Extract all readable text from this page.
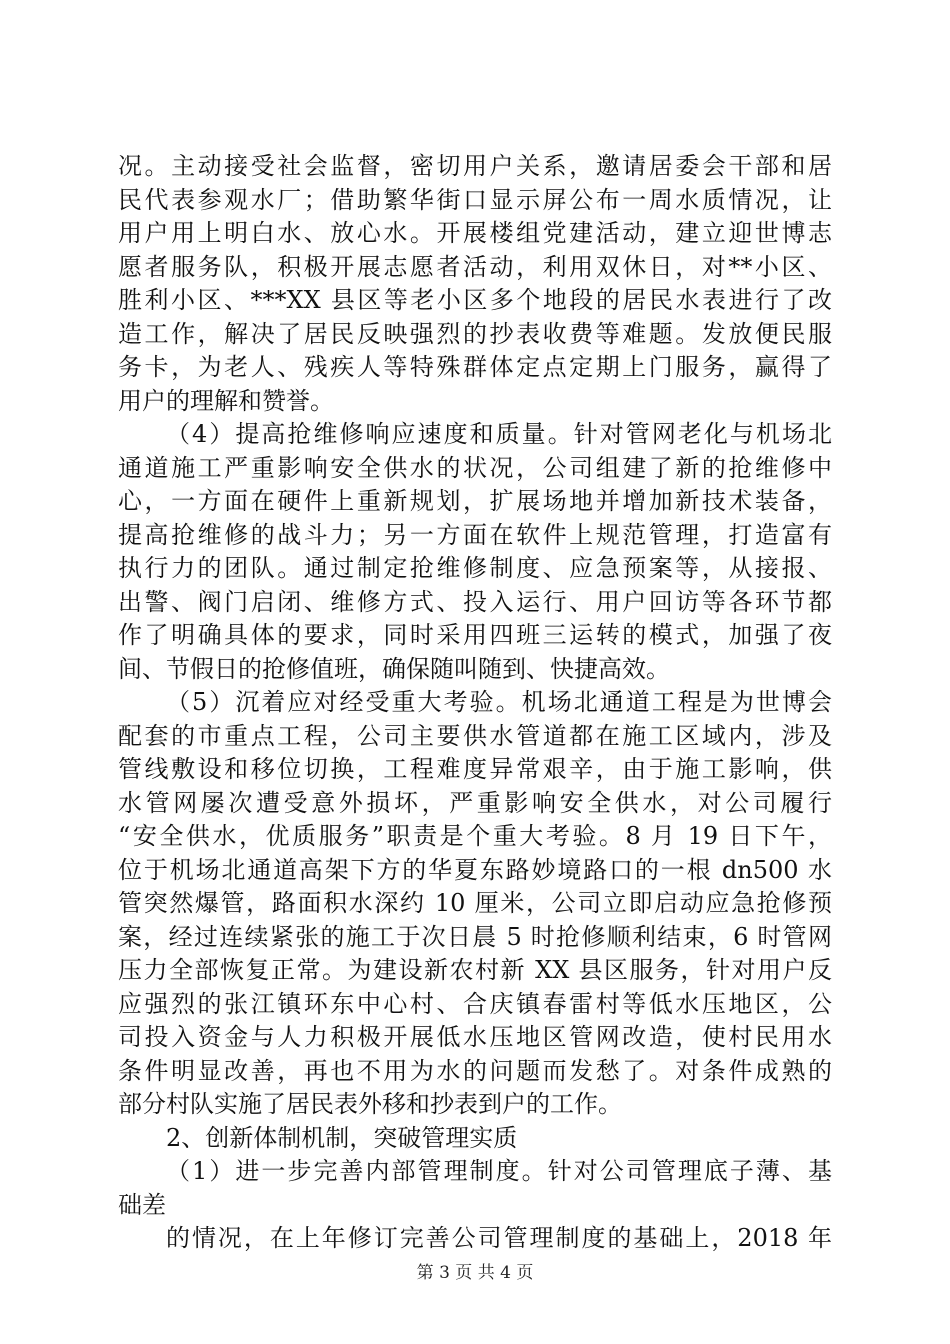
况。主动接受社会监督，密切用户关系，邀请居委会干部和居
民代表参观水厂；借助繁华街口显示屏公布一周水质情况，让
用户用上明白水、放心水。开展楼组党建活动，建立迎世博志
愿者服务队，积极开展志愿者活动，利用双休日，对**小区、
胜利小区、***XX 县区等老小区多个地段的居民水表进行了改
造工作，解决了居民反映强烈的抄表收费等难题。发放便民服
务卡，为老人、残疾人等特殊群体定点定期上门服务，赢得了
用户的理解和赞誉。
（4）提高抢维修响应速度和质量。针对管网老化与机场北
通道施工严重影响安全供水的状况，公司组建了新的抢维修中
心，一方面在硬件上重新规划，扩展场地并增加新技术装备，
提高抢维修的战斗力；另一方面在软件上规范管理，打造富有
执行力的团队。通过制定抢维修制度、应急预案等，从接报、
出警、阀门启闭、维修方式、投入运行、用户回访等各环节都
作了明确具体的要求，同时采用四班三运转的模式，加强了夜
间、节假日的抢修值班，确保随叫随到、快捷高效。
（5）沉着应对经受重大考验。机场北通道工程是为世博会
配套的市重点工程，公司主要供水管道都在施工区域内，涉及
管线敷设和移位切换，工程难度异常艰辛，由于施工影响，供
水管网屡次遭受意外损坏，严重影响安全供水，对公司履行
“安全供水，优质服务”职责是个重大考验。8 月 19 日下午，
位于机场北通道高架下方的华夏东路妙境路口的一根 dn500 水
管突然爆管，路面积水深约 10 厘米，公司立即启动应急抢修预
案，经过连续紧张的施工于次日晨 5 时抢修顺利结束，6 时管网
压力全部恢复正常。为建设新农村新 XX 县区服务，针对用户反
应强烈的张江镇环东中心村、合庆镇春雷村等低水压地区，公
司投入资金与人力积极开展低水压地区管网改造，使村民用水
条件明显改善，再也不用为水的问题而发愁了。对条件成熟的
部分村队实施了居民表外移和抄表到户的工作。
2、创新体制机制，突破管理实质
（1）进一步完善内部管理制度。针对公司管理底子薄、基
础差
的情况，在上年修订完善公司管理制度的基础上，2018 年
第 3 页 共 4 页
